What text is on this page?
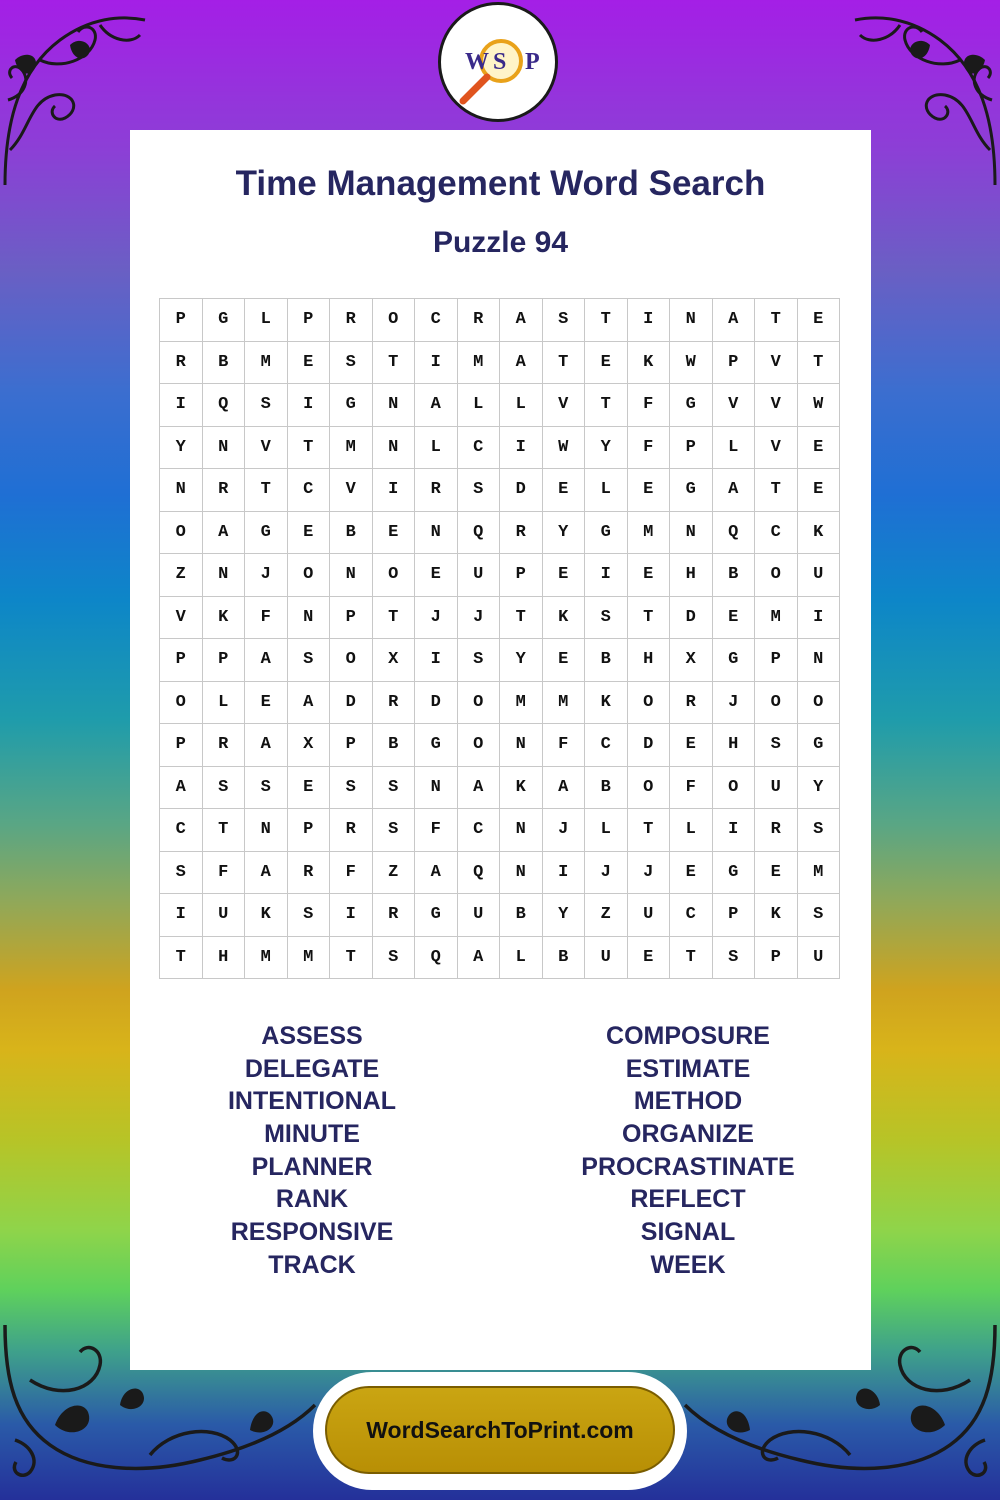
W S P
Time Management Word Search
Puzzle 94
P	G	L	P	R	O	C	R	A	S	T	I	N	A	T	E
R	B	M	E	S	T	I	M	A	T	E	K	W	P	V	T
I	Q	S	I	G	N	A	L	L	V	T	F	G	V	V	W
Y	N	V	T	M	N	L	C	I	W	Y	F	P	L	V	E
N	R	T	C	V	I	R	S	D	E	L	E	G	A	T	E
O	A	G	E	B	E	N	Q	R	Y	G	M	N	Q	C	K
Z	N	J	O	N	O	E	U	P	E	I	E	H	B	O	U
V	K	F	N	P	T	J	J	T	K	S	T	D	E	M	I
P	P	A	S	O	X	I	S	Y	E	B	H	X	G	P	N
O	L	E	A	D	R	D	O	M	M	K	O	R	J	O	O
P	R	A	X	P	B	G	O	N	F	C	D	E	H	S	G
A	S	S	E	S	S	N	A	K	A	B	O	F	O	U	Y
C	T	N	P	R	S	F	C	N	J	L	T	L	I	R	S
S	F	A	R	F	Z	A	Q	N	I	J	J	E	G	E	M
I	U	K	S	I	R	G	U	B	Y	Z	U	C	P	K	S
T	H	M	M	T	S	Q	A	L	B	U	E	T	S	P	U
ASSESS
DELEGATE
INTENTIONAL
MINUTE
PLANNER
RANK
RESPONSIVE
TRACK
COMPOSURE
ESTIMATE
METHOD
ORGANIZE
PROCRASTINATE
REFLECT
SIGNAL
WEEK
WordSearchToPrint.com
